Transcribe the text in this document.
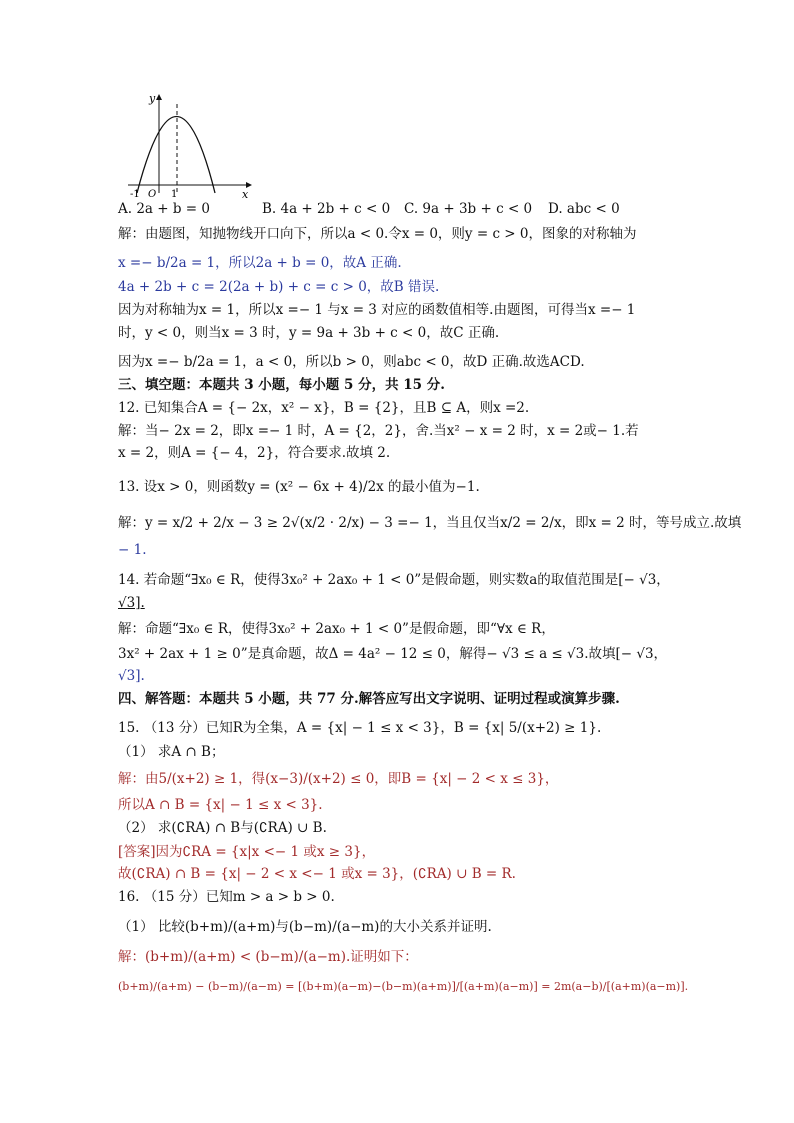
y
x
O
-1	1
A. 2a + b = 0	B. 4a + 2b + c < 0 C. 9a + 3b + c < 0 D. abc < 0
解：由题图，知抛物线开口向下，所以a < 0.令x = 0，则y = c > 0，图象的对称轴为
x =− b/2a = 1，所以2a + b = 0，故A 正确.
4a + 2b + c = 2(2a + b) + c = c > 0，故B 错误.
因为对称轴为x = 1，所以x =− 1 与x = 3 对应的函数值相等.由题图，可得当x =− 1
时，y < 0，则当x = 3 时，y = 9a + 3b + c < 0，故C 正确.
因为x =− b/2a = 1，a < 0，所以b > 0，则abc < 0，故D 正确.故选ACD.
三、填空题：本题共 3 小题，每小题 5 分，共 15 分.
12. 已知集合A = {− 2x，x² − x}，B = {2}，且B ⊆ A，则x =2.
解：当− 2x = 2，即x =− 1 时，A = {2，2}，舍.当x² − x = 2 时，x = 2或− 1.若
x = 2，则A = {− 4，2}，符合要求.故填 2.
13. 设x > 0，则函数y = (x² − 6x + 4)/2x 的最小值为−1.
解：y = x/2 + 2/x − 3 ≥ 2√(x/2 · 2/x) − 3 =− 1，当且仅当x/2 = 2/x，即x = 2 时，等号成立.故填
− 1.
14. 若命题“∃x₀ ∈ R，使得3x₀² + 2ax₀ + 1 < 0”是假命题，则实数a的取值范围是[− √3，
√3].
解：命题“∃x₀ ∈ R，使得3x₀² + 2ax₀ + 1 < 0”是假命题，即“∀x ∈ R，
3x² + 2ax + 1 ≥ 0”是真命题，故Δ = 4a² − 12 ≤ 0，解得− √3 ≤ a ≤ √3.故填[− √3，
√3].
四、解答题：本题共 5 小题，共 77 分.解答应写出文字说明、证明过程或演算步骤.
15. （13 分）已知R为全集，A = {x| − 1 ≤ x < 3}，B = {x| 5/(x+2) ≥ 1}.
（1） 求A ∩ B；
解：由5/(x+2) ≥ 1，得(x−3)/(x+2) ≤ 0，即B = {x| − 2 < x ≤ 3}，
所以A ∩ B = {x| − 1 ≤ x < 3}.
（2） 求(∁RA) ∩ B与(∁RA) ∪ B.
[答案]因为∁RA = {x|x <− 1 或x ≥ 3}，
故(∁RA) ∩ B = {x| − 2 < x <− 1 或x = 3}，(∁RA) ∪ B = R.
16. （15 分）已知m > a > b > 0.
（1） 比较(b+m)/(a+m)与(b−m)/(a−m)的大小关系并证明.
解：(b+m)/(a+m) < (b−m)/(a−m).证明如下：
(b+m)/(a+m) − (b−m)/(a−m) = [(b+m)(a−m)−(b−m)(a+m)]/[(a+m)(a−m)] = 2m(a−b)/[(a+m)(a−m)].
